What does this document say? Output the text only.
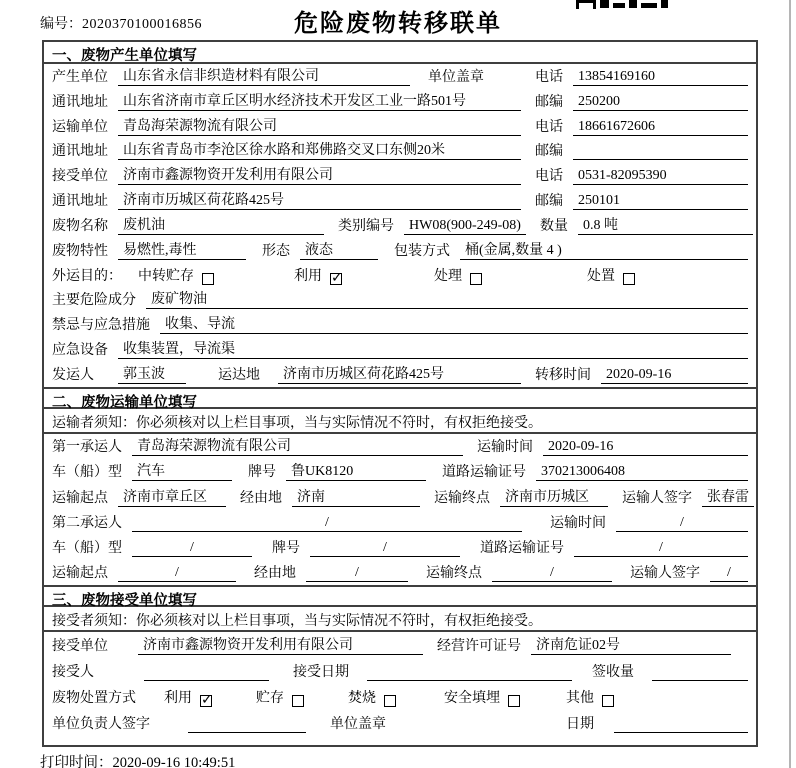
编号：2020370100016856	危险废物转移联单
一、废物产生单位填写
产生单位	山东省永信非织造材料有限公司	单位盖章	电话	13854169160
通讯地址	山东省济南市章丘区明水经济技术开发区工业一路501号	邮编	250200
运输单位	青岛海荣源物流有限公司	电话	18661672606
通讯地址	山东省青岛市李沧区徐水路和郑佛路交叉口东侧20米	邮编
接受单位	济南市鑫源物资开发利用有限公司	电话	0531-82095390
通讯地址	济南市历城区荷花路425号	邮编	250101
废物名称	废机油	类别编号	HW08(900-249-08)	数量	0.8 吨
废物特性	易燃性,毒性	形态	液态	包装方式	桶(金属,数量 4 )
外运目的： 中转贮存	利用 ✓	处理	处置
主要危险成分	废矿物油
禁忌与应急措施	收集、导流
应急设备	收集装置，导流渠
发运人	郭玉波	运达地	济南市历城区荷花路425号	转移时间	2020-09-16
二、废物运输单位填写
运输者须知：你必须核对以上栏目事项，当与实际情况不符时，有权拒绝接受。
第一承运人	青岛海荣源物流有限公司	运输时间	2020-09-16
车（船）型	汽车	牌号	鲁UK8120	道路运输证号	370213006408
运输起点	济南市章丘区	经由地	济南	运输终点	济南市历城区	运输人签字	张春雷
第二承运人	/	运输时间	/
车（船）型	/	牌号	/	道路运输证号	/
运输起点	/	经由地	/	运输终点	/	运输人签字	/
三、废物接受单位填写
接受者须知：你必须核对以上栏目事项，当与实际情况不符时，有权拒绝接受。
接受单位	济南市鑫源物资开发利用有限公司	经营许可证号	济南危证02号
接受人	接受日期	签收量
废物处置方式 利用 ✓	贮存	焚烧	安全填埋	其他
单位负责人签字	单位盖章	日期
打印时间：2020-09-16 10:49:51
